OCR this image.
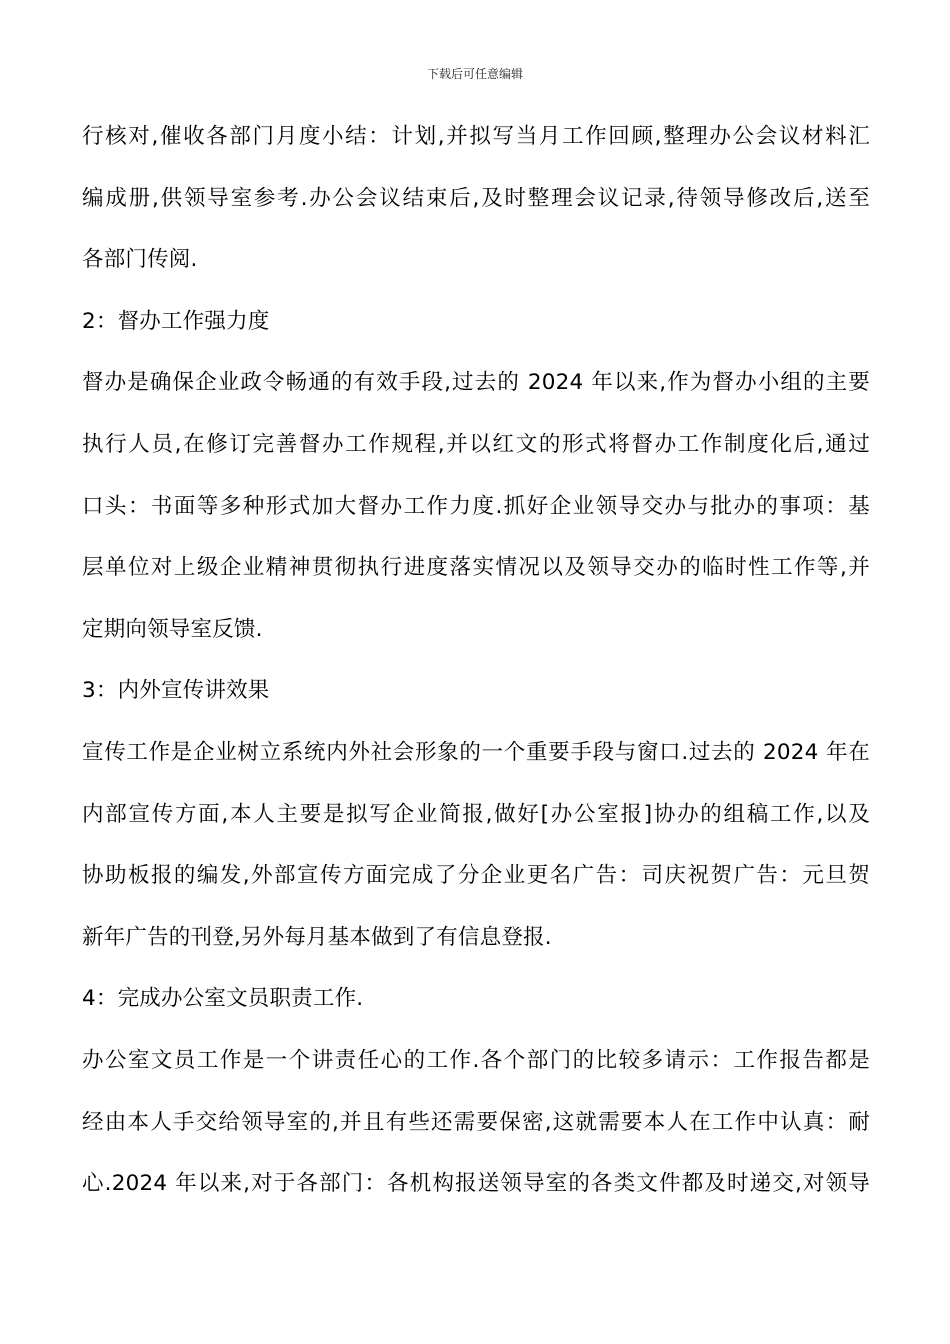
下载后可任意编辑
行核对,催收各部门月度小结：计划,并拟写当月工作回顾,整理办公会议材料汇
编成册,供领导室参考.办公会议结束后,及时整理会议记录,待领导修改后,送至
各部门传阅.
2：督办工作强力度
督办是确保企业政令畅通的有效手段,过去的 2024 年以来,作为督办小组的主要
执行人员,在修订完善督办工作规程,并以红文的形式将督办工作制度化后,通过
口头：书面等多种形式加大督办工作力度.抓好企业领导交办与批办的事项：基
层单位对上级企业精神贯彻执行进度落实情况以及领导交办的临时性工作等,并
定期向领导室反馈.
3：内外宣传讲效果
宣传工作是企业树立系统内外社会形象的一个重要手段与窗口.过去的 2024 年在
内部宣传方面,本人主要是拟写企业简报,做好[办公室报]协办的组稿工作,以及
协助板报的编发,外部宣传方面完成了分企业更名广告：司庆祝贺广告：元旦贺
新年广告的刊登,另外每月基本做到了有信息登报.
4：完成办公室文员职责工作.
办公室文员工作是一个讲责任心的工作.各个部门的比较多请示：工作报告都是
经由本人手交给领导室的,并且有些还需要保密,这就需要本人在工作中认真：耐
心.2024 年以来,对于各部门：各机构报送领导室的各类文件都及时递交,对领导
